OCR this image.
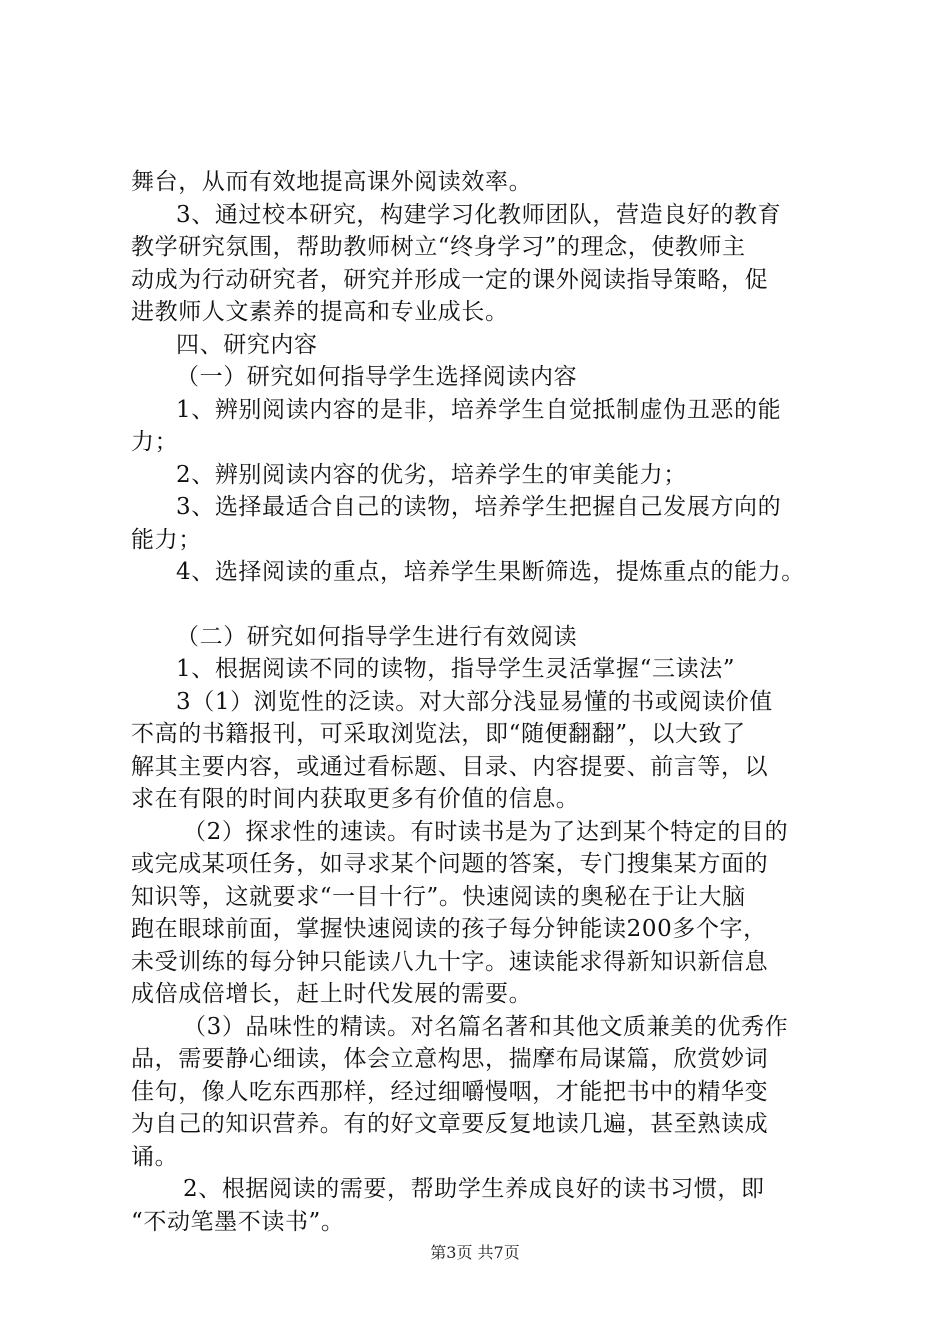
舞台，从而有效地提高课外阅读效率。
3、通过校本研究，构建学习化教师团队，营造良好的教育
教学研究氛围，帮助教师树立“终身学习”的理念，使教师主
动成为行动研究者，研究并形成一定的课外阅读指导策略，促
进教师人文素养的提高和专业成长。
四、研究内容
（一）研究如何指导学生选择阅读内容
1、辨别阅读内容的是非，培养学生自觉抵制虚伪丑恶的能
力；
2、辨别阅读内容的优劣，培养学生的审美能力；
3、选择最适合自己的读物，培养学生把握自己发展方向的
能力；
4、选择阅读的重点，培养学生果断筛选，提炼重点的能力。
（二）研究如何指导学生进行有效阅读
1、根据阅读不同的读物，指导学生灵活掌握“三读法”
3（1）浏览性的泛读。对大部分浅显易懂的书或阅读价值
不高的书籍报刊，可采取浏览法，即“随便翻翻”，以大致了
解其主要内容，或通过看标题、目录、内容提要、前言等，以
求在有限的时间内获取更多有价值的信息。
（2）探求性的速读。有时读书是为了达到某个特定的目的
或完成某项任务，如寻求某个问题的答案，专门搜集某方面的
知识等，这就要求“一目十行”。快速阅读的奥秘在于让大脑
跑在眼球前面，掌握快速阅读的孩子每分钟能读200多个字，
未受训练的每分钟只能读八九十字。速读能求得新知识新信息
成倍成倍增长，赶上时代发展的需要。
（3）品味性的精读。对名篇名著和其他文质兼美的优秀作
品，需要静心细读，体会立意构思，揣摩布局谋篇，欣赏妙词
佳句，像人吃东西那样，经过细嚼慢咽，才能把书中的精华变
为自己的知识营养。有的好文章要反复地读几遍，甚至熟读成
诵。
2、根据阅读的需要，帮助学生养成良好的读书习惯，即
“不动笔墨不读书”。
第3页 共7页
